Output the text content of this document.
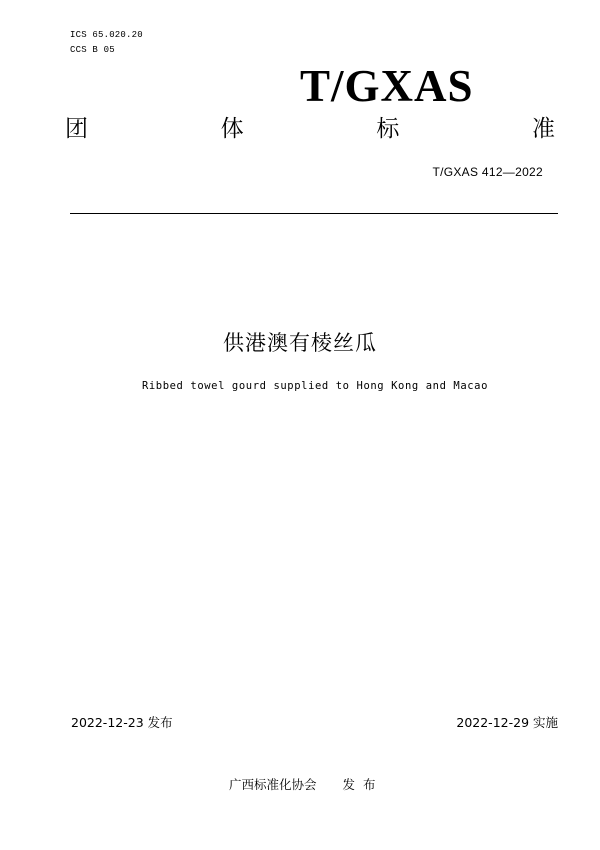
ICS 65.020.20
CCS B 05
T/GXAS
团	体	标	准
T/GXAS 412—2022
供港澳有棱丝瓜
Ribbed towel gourd supplied to Hong Kong and Macao
2022-12-23 发布	2022-12-29 实施
广西标准化协会 发 布
